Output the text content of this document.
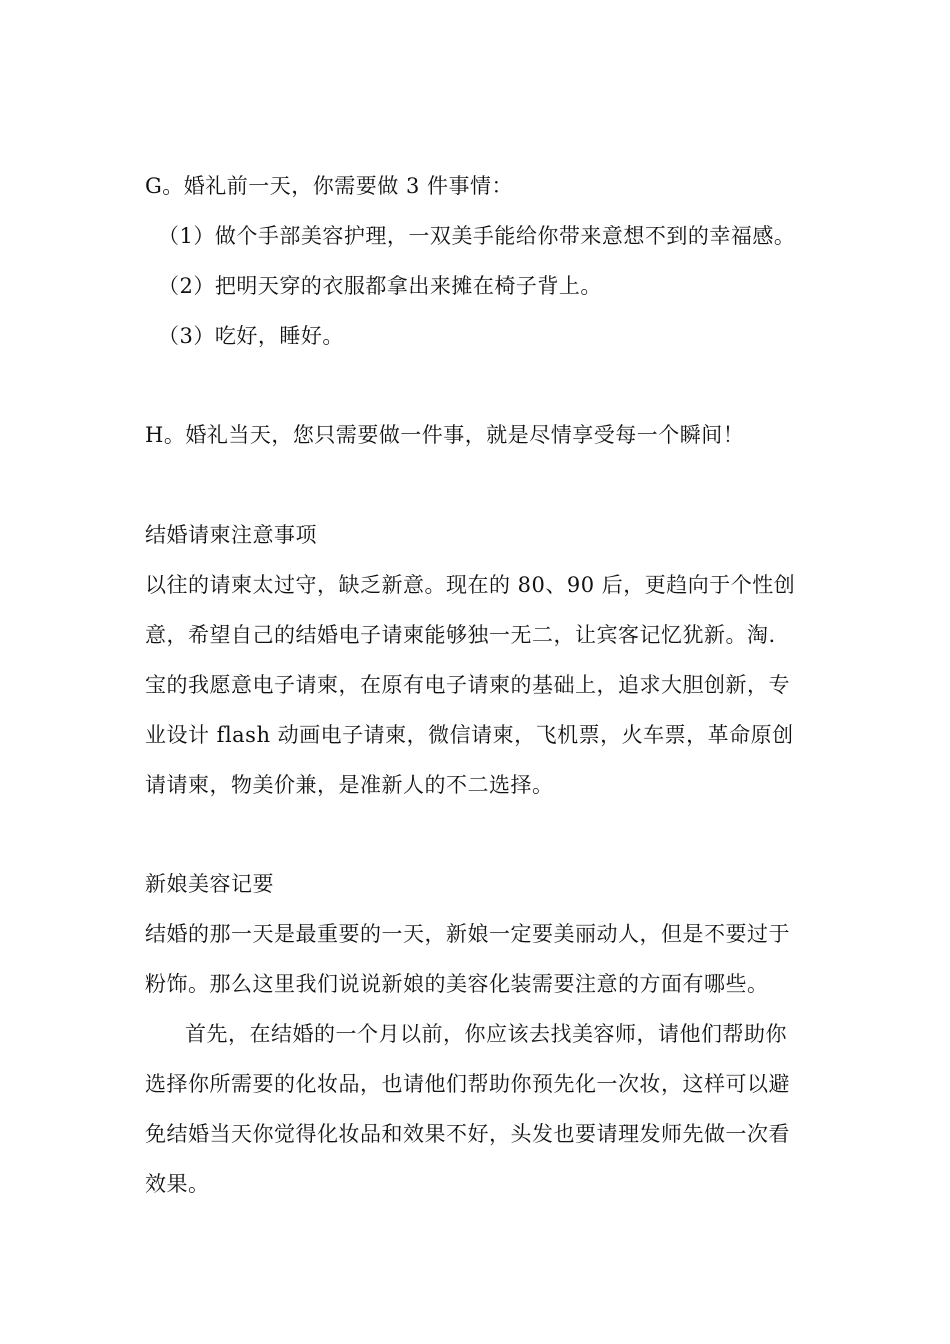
G。婚礼前一天，你需要做 3 件事情：
（1）做个手部美容护理，一双美手能给你带来意想不到的幸福感。
（2）把明天穿的衣服都拿出来摊在椅子背上。
（3）吃好，睡好。
H。婚礼当天，您只需要做一件事，就是尽情享受每一个瞬间！
结婚请柬注意事项
以往的请柬太过守，缺乏新意。现在的 80、90 后，更趋向于个性创
意，希望自己的结婚电子请柬能够独一无二，让宾客记忆犹新。淘.
宝的我愿意电子请柬，在原有电子请柬的基础上，追求大胆创新，专
业设计 flash 动画电子请柬，微信请柬，飞机票，火车票，革命原创
请请柬，物美价兼，是准新人的不二选择。
新娘美容记要
结婚的那一天是最重要的一天，新娘一定要美丽动人，但是不要过于
粉饰。那么这里我们说说新娘的美容化装需要注意的方面有哪些。
首先，在结婚的一个月以前，你应该去找美容师，请他们帮助你
选择你所需要的化妆品，也请他们帮助你预先化一次妆，这样可以避
免结婚当天你觉得化妆品和效果不好，头发也要请理发师先做一次看
效果。
